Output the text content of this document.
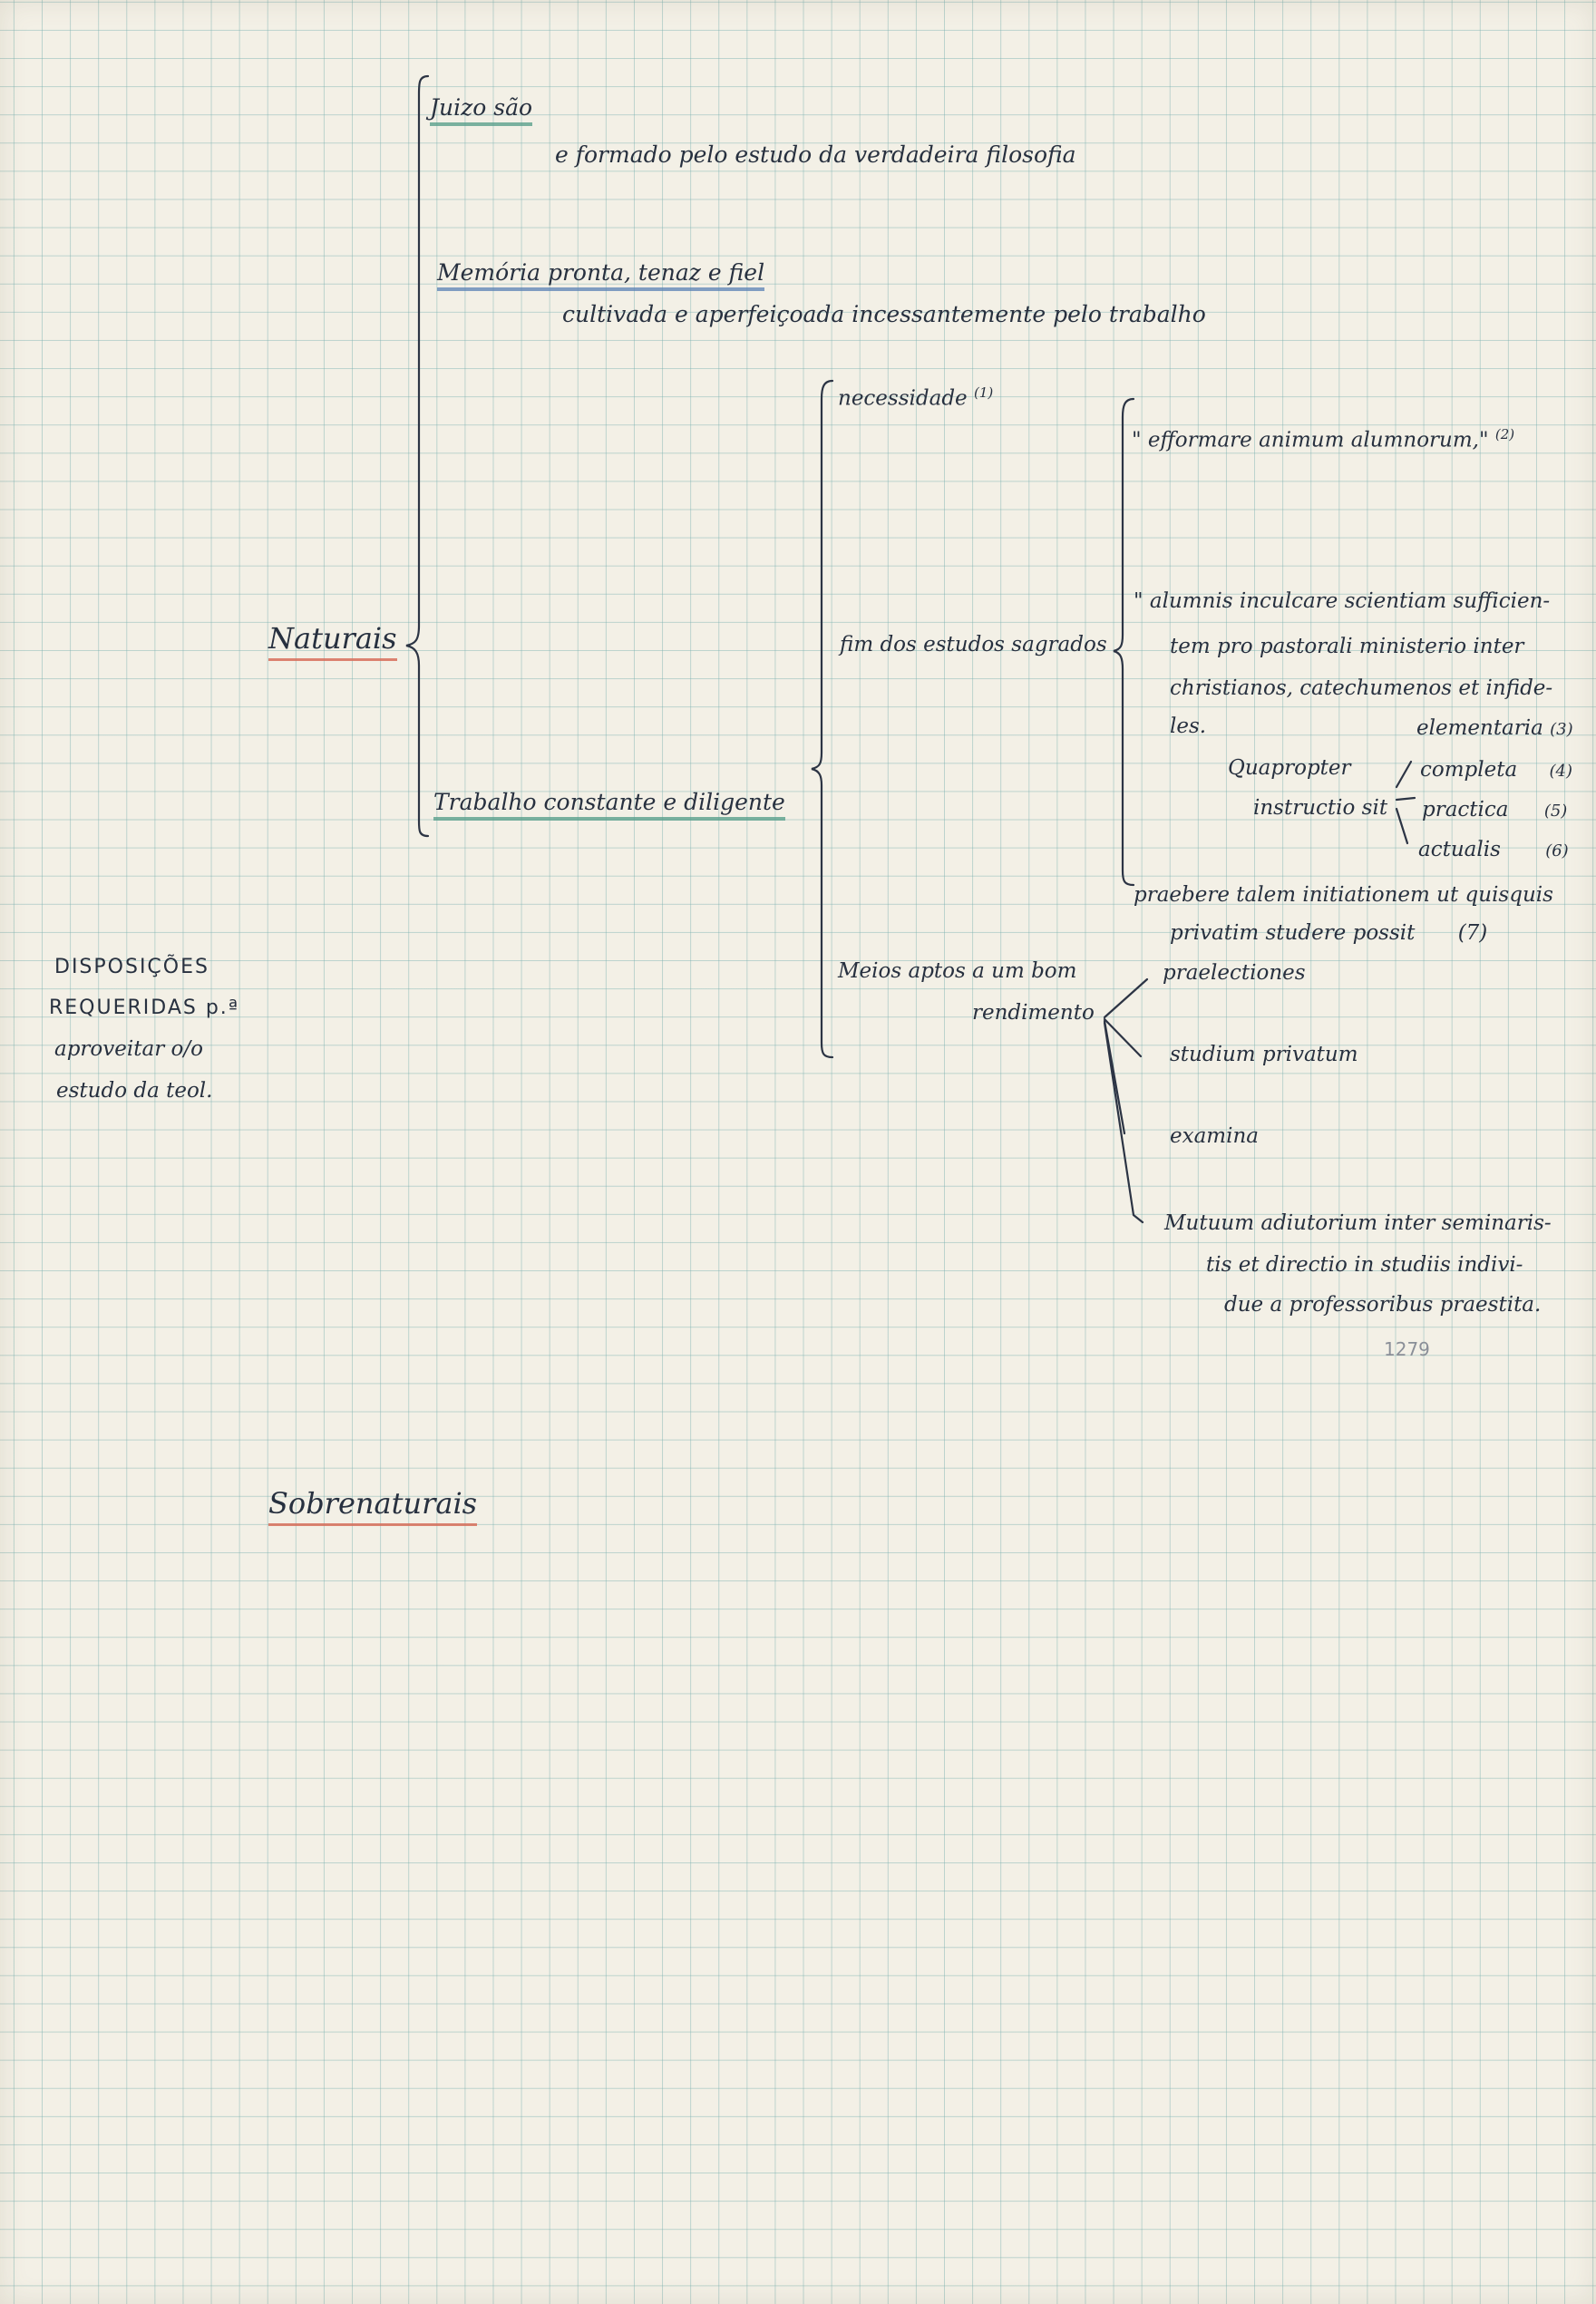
DISPOSIÇÕES
REQUERIDAS p.ª
aproveitar o/o
estudo da teol.
Naturais
Juizo são
e formado pelo estudo da verdadeira filosofia
Memória pronta, tenaz e fiel
cultivada e aperfeiçoada incessantemente pelo trabalho
Trabalho constante e diligente
necessidade $^{(1)}$
fim dos estudos sagrados
" efformare animum alumnorum," $^{(2)}$
" alumnis inculcare scientiam sufficien-
tem pro pastorali ministerio inter
christianos, catechumenos et infide-
les.
Quapropter
instructio sit
elementaria (3)
completa (4)
practica (5)
actualis	(6)
praebere talem initiationem ut quisquis
privatim studere possit (7)
Meios aptos a um bom
rendimento
praelectiones
studium privatum
examina
Mutuum adiutorium inter seminaris-
tis et directio in studiis indivi-
due a professoribus praestita.
1279
Sobrenaturais
